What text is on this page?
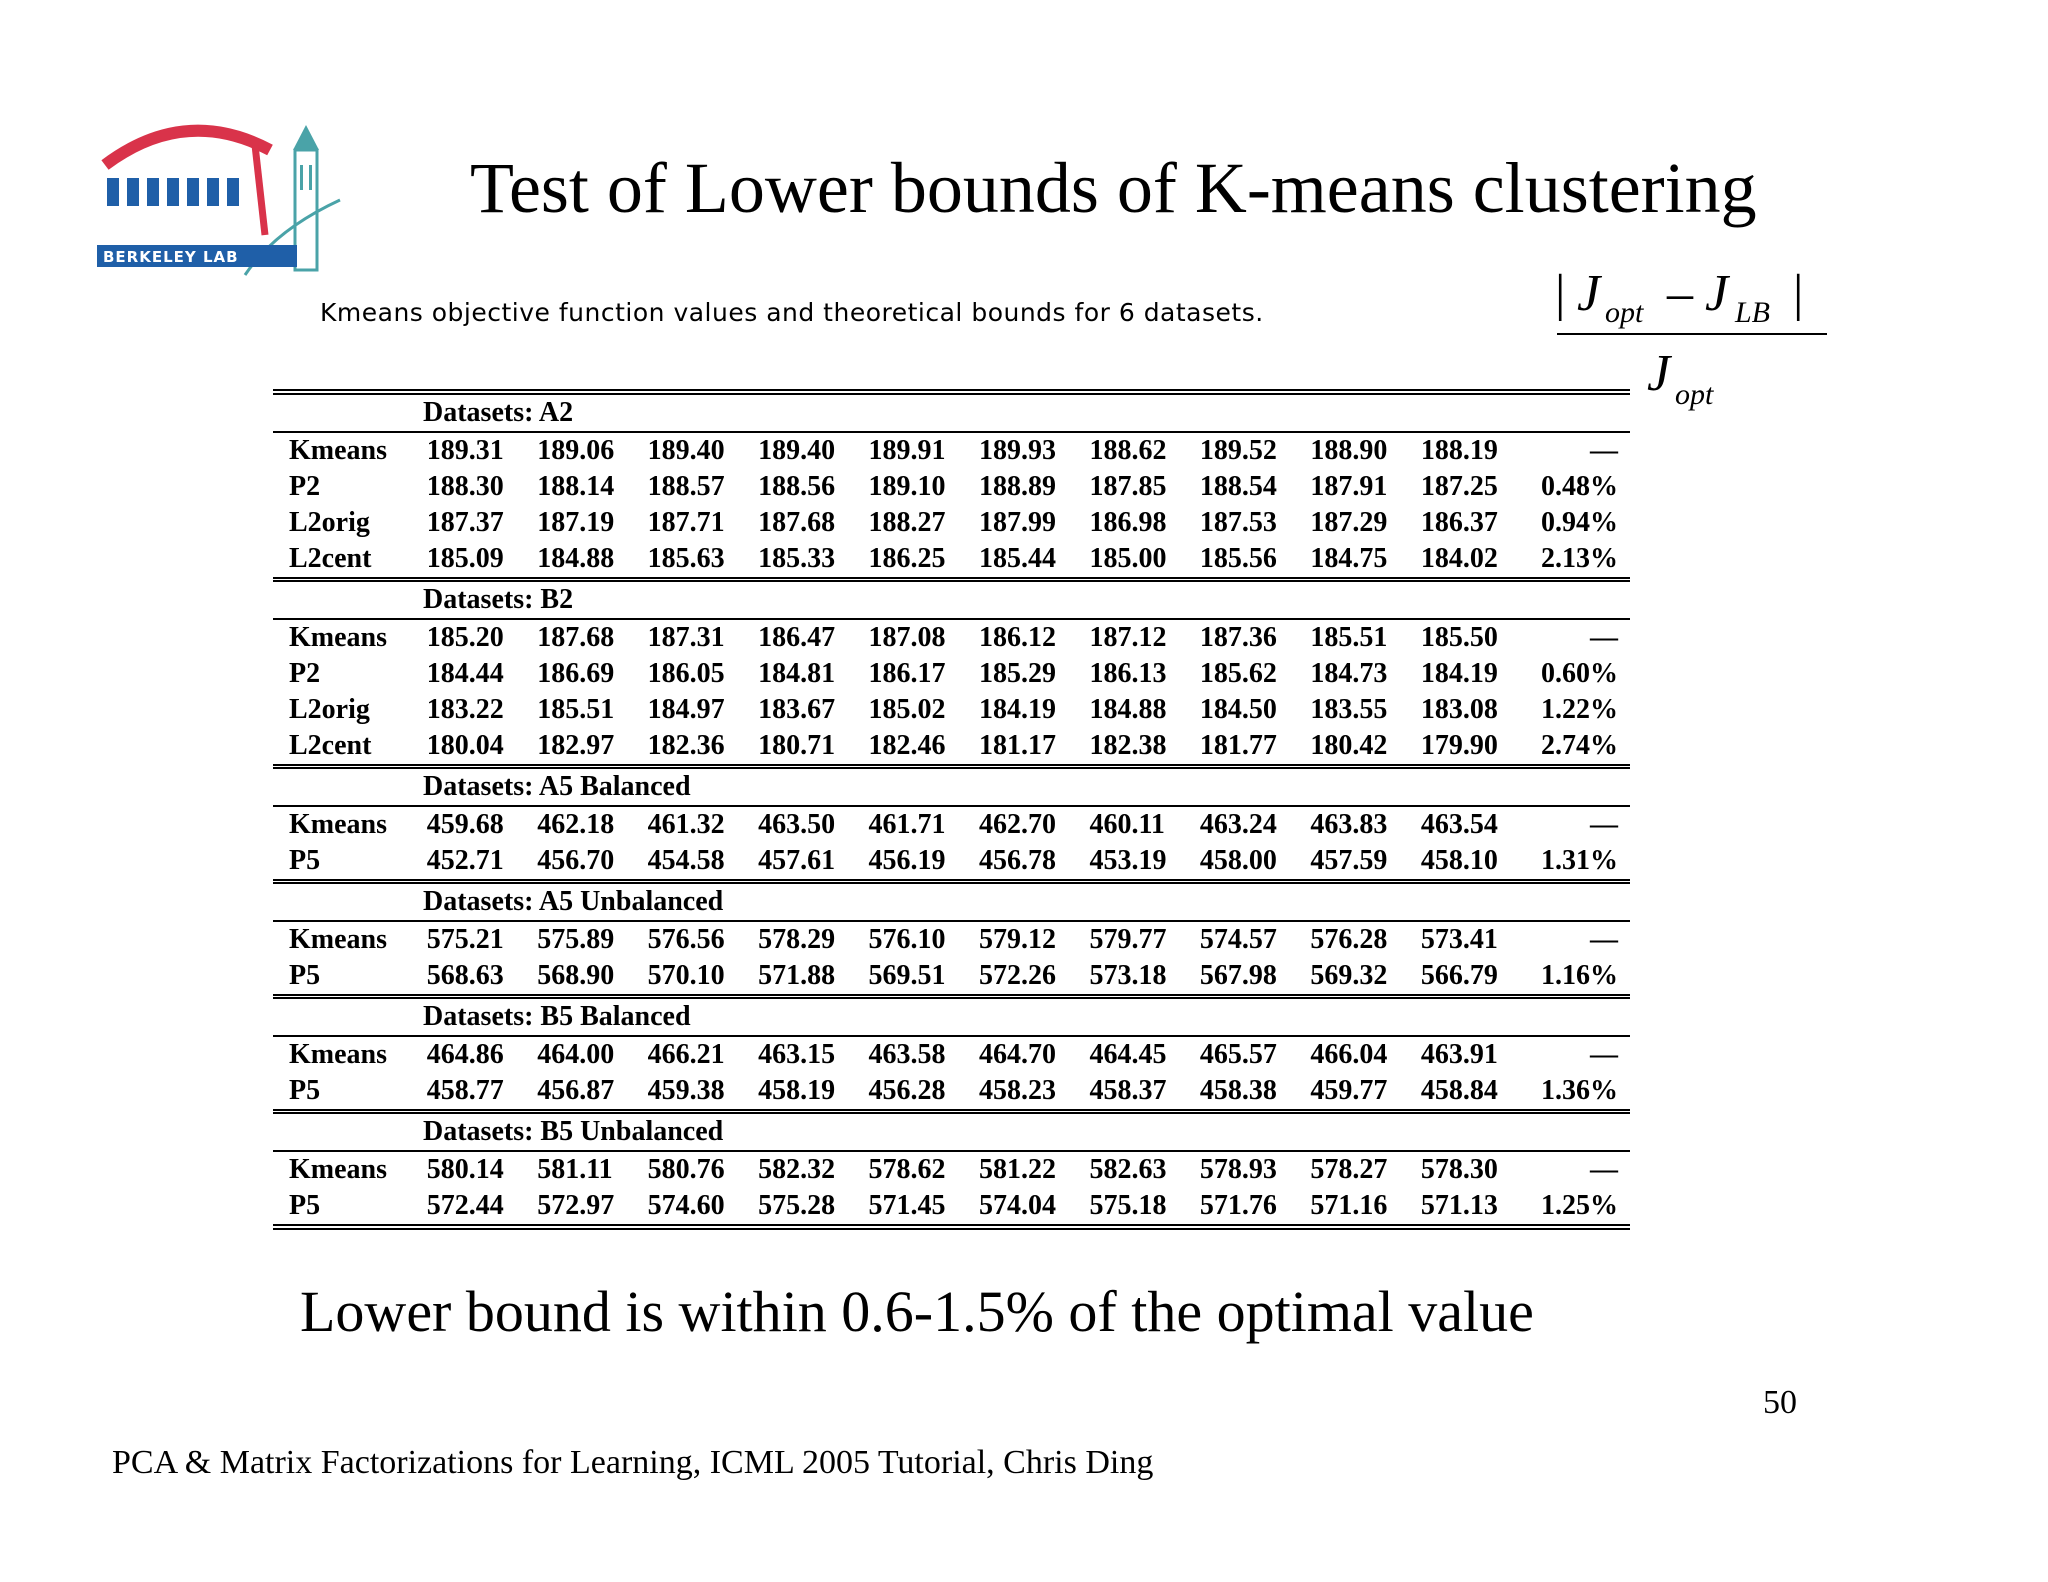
BERKELEY LAB
Test of Lower bounds of K-means clustering
| J opt – J LB |
J opt
Kmeans objective function values and theoretical bounds for 6 datasets.
Datasets: A2											
Kmeans	189.31	189.06	189.40	189.40	189.91	189.93	188.62	189.52	188.90	188.19	—
P2	188.30	188.14	188.57	188.56	189.10	188.89	187.85	188.54	187.91	187.25	0.48%
L2orig	187.37	187.19	187.71	187.68	188.27	187.99	186.98	187.53	187.29	186.37	0.94%
L2cent	185.09	184.88	185.63	185.33	186.25	185.44	185.00	185.56	184.75	184.02	2.13%
Datasets: B2											
Kmeans	185.20	187.68	187.31	186.47	187.08	186.12	187.12	187.36	185.51	185.50	—
P2	184.44	186.69	186.05	184.81	186.17	185.29	186.13	185.62	184.73	184.19	0.60%
L2orig	183.22	185.51	184.97	183.67	185.02	184.19	184.88	184.50	183.55	183.08	1.22%
L2cent	180.04	182.97	182.36	180.71	182.46	181.17	182.38	181.77	180.42	179.90	2.74%
Datasets: A5 Balanced											
Kmeans	459.68	462.18	461.32	463.50	461.71	462.70	460.11	463.24	463.83	463.54	—
P5	452.71	456.70	454.58	457.61	456.19	456.78	453.19	458.00	457.59	458.10	1.31%
Datasets: A5 Unbalanced											
Kmeans	575.21	575.89	576.56	578.29	576.10	579.12	579.77	574.57	576.28	573.41	—
P5	568.63	568.90	570.10	571.88	569.51	572.26	573.18	567.98	569.32	566.79	1.16%
Datasets: B5 Balanced											
Kmeans	464.86	464.00	466.21	463.15	463.58	464.70	464.45	465.57	466.04	463.91	—
P5	458.77	456.87	459.38	458.19	456.28	458.23	458.37	458.38	459.77	458.84	1.36%
Datasets: B5 Unbalanced											
Kmeans	580.14	581.11	580.76	582.32	578.62	581.22	582.63	578.93	578.27	578.30	—
P5	572.44	572.97	574.60	575.28	571.45	574.04	575.18	571.76	571.16	571.13	1.25%
Lower bound is within 0.6-1.5% of the optimal value
50
PCA & Matrix Factorizations for Learning, ICML 2005 Tutorial, Chris Ding
